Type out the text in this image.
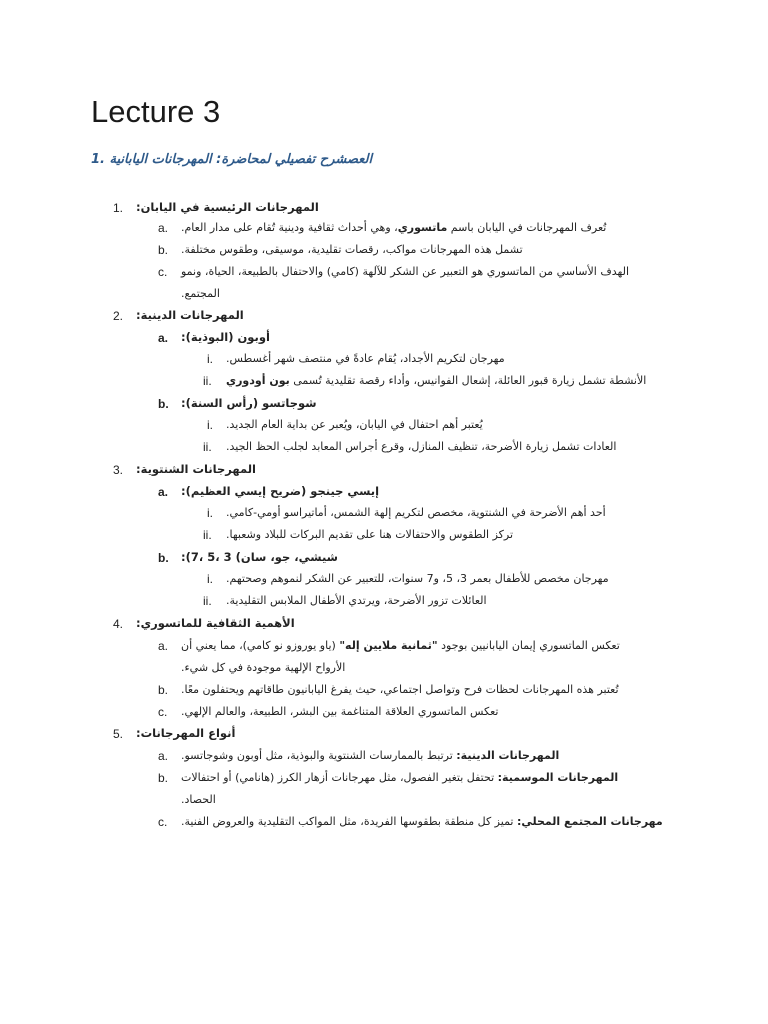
Lecture 3
العصشرح تفصيلي لمحاضرة: المهرجانات اليابانية .1
1. المهرجانات الرئيسية في اليابان:
a.	تُعرف المهرجانات في اليابان باسم ماتسوري، وهي أحداث ثقافية ودينية تُقام على مدار العام.
b. تشمل هذه المهرجانات مواكب، رقصات تقليدية، موسيقى، وطقوس مختلفة.
c. الهدف الأساسي من الماتسوري هو التعبير عن الشكر للآلهة (كامي) والاحتفال بالطبيعة، الحياة، ونمو
المجتمع.
2. المهرجانات الدينية:
a. أوبون (البوذية):
i. مهرجان لتكريم الأجداد، يُقام عادةً في منتصف شهر أغسطس.
ii.	الأنشطة تشمل زيارة قبور العائلة، إشعال الفوانيس، وأداء رقصة تقليدية تُسمى بون أودوري
b. شوجاتسو (رأس السنة):
i. يُعتبر أهم احتفال في اليابان، ويُعبر عن بداية العام الجديد.
ii. العادات تشمل زيارة الأضرحة، تنظيف المنازل، وقرع أجراس المعابد لجلب الحظ الجيد.
3. المهرجانات الشنتوية:
a. إيسي جينجو (ضريح إيسي العظيم):
i. أحد أهم الأضرحة في الشنتوية، مخصص لتكريم إلهة الشمس، أماتيراسو أومي-كامي.
ii. تركز الطقوس والاحتفالات هنا على تقديم البركات للبلاد وشعبها.
b. شيشي، جو، سان) 3 ،5 ،7):
i. مهرجان مخصص للأطفال بعمر 3، 5، و7 سنوات، للتعبير عن الشكر لنموهم وصحتهم.
ii. العائلات تزور الأضرحة، ويرتدي الأطفال الملابس التقليدية.
4. الأهمية الثقافية للماتسوري:
a.	تعكس الماتسوري إيمان اليابانيين بوجود "ثمانية ملايين إله" (ياو يوروزو نو كامي)، مما يعني أن
الأرواح الإلهية موجودة في كل شيء.
b. تُعتبر هذه المهرجانات لحظات فرح وتواصل اجتماعي، حيث يفرغ اليابانيون طاقاتهم ويحتفلون معًا.
c. تعكس الماتسوري العلاقة المتناغمة بين البشر، الطبيعة، والعالم الإلهي.
5. أنواع المهرجانات:
a.	المهرجانات الدينية: ترتبط بالممارسات الشنتوية والبوذية، مثل أوبون وشوجاتسو.
b.	المهرجانات الموسمية: تحتفل بتغير الفصول، مثل مهرجانات أزهار الكرز (هانامي) أو احتفالات
الحصاد.
c.	مهرجانات المجتمع المحلي: تميز كل منطقة بطقوسها الفريدة، مثل المواكب التقليدية والعروض الفنية.
